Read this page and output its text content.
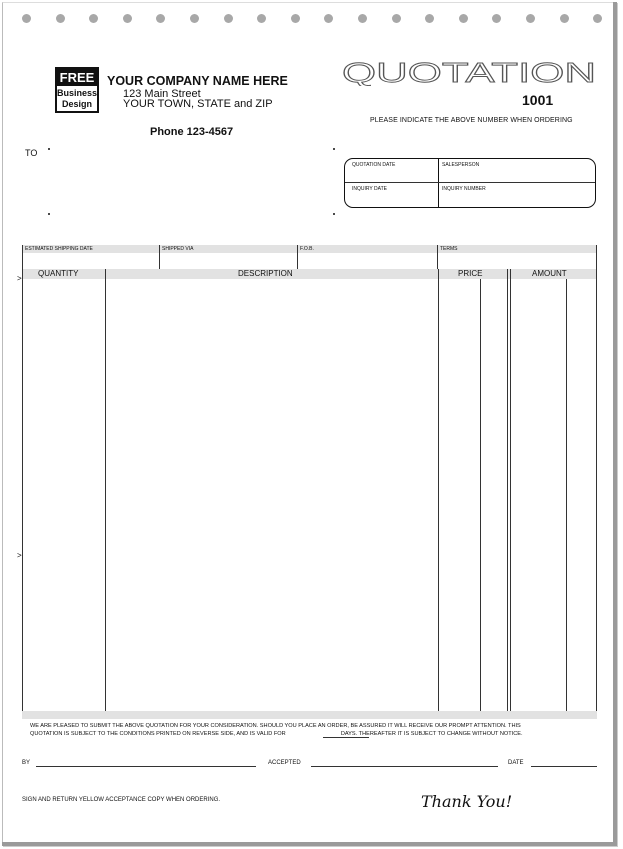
FREE
Business Design
YOUR COMPANY NAME HERE
123 Main Street
YOUR TOWN, STATE and ZIP
Phone 123-4567
TO
QUOTATION
1001
PLEASE INDICATE THE ABOVE NUMBER WHEN ORDERING
QUOTATION DATE	SALESPERSON
INQUIRY DATE	INQUIRY NUMBER
ESTIMATED SHIPPING DATE	SHIPPED VIA	F.O.B.	TERMS
QUANTITY	DESCRIPTION	PRICE	AMOUNT
>
>
WE ARE PLEASED TO SUBMIT THE ABOVE QUOTATION FOR YOUR CONSIDERATION. SHOULD YOU PLACE AN ORDER, BE ASSURED IT WILL RECEIVE OUR PROMPT ATTENTION. THIS
QUOTATION IS SUBJECT TO THE CONDITIONS PRINTED ON REVERSE SIDE, AND IS VALID FOR	DAYS. THEREAFTER IT IS SUBJECT TO CHANGE WITHOUT NOTICE.
BY	ACCEPTED	DATE
SIGN AND RETURN YELLOW ACCEPTANCE COPY WHEN ORDERING.	Thank You!
